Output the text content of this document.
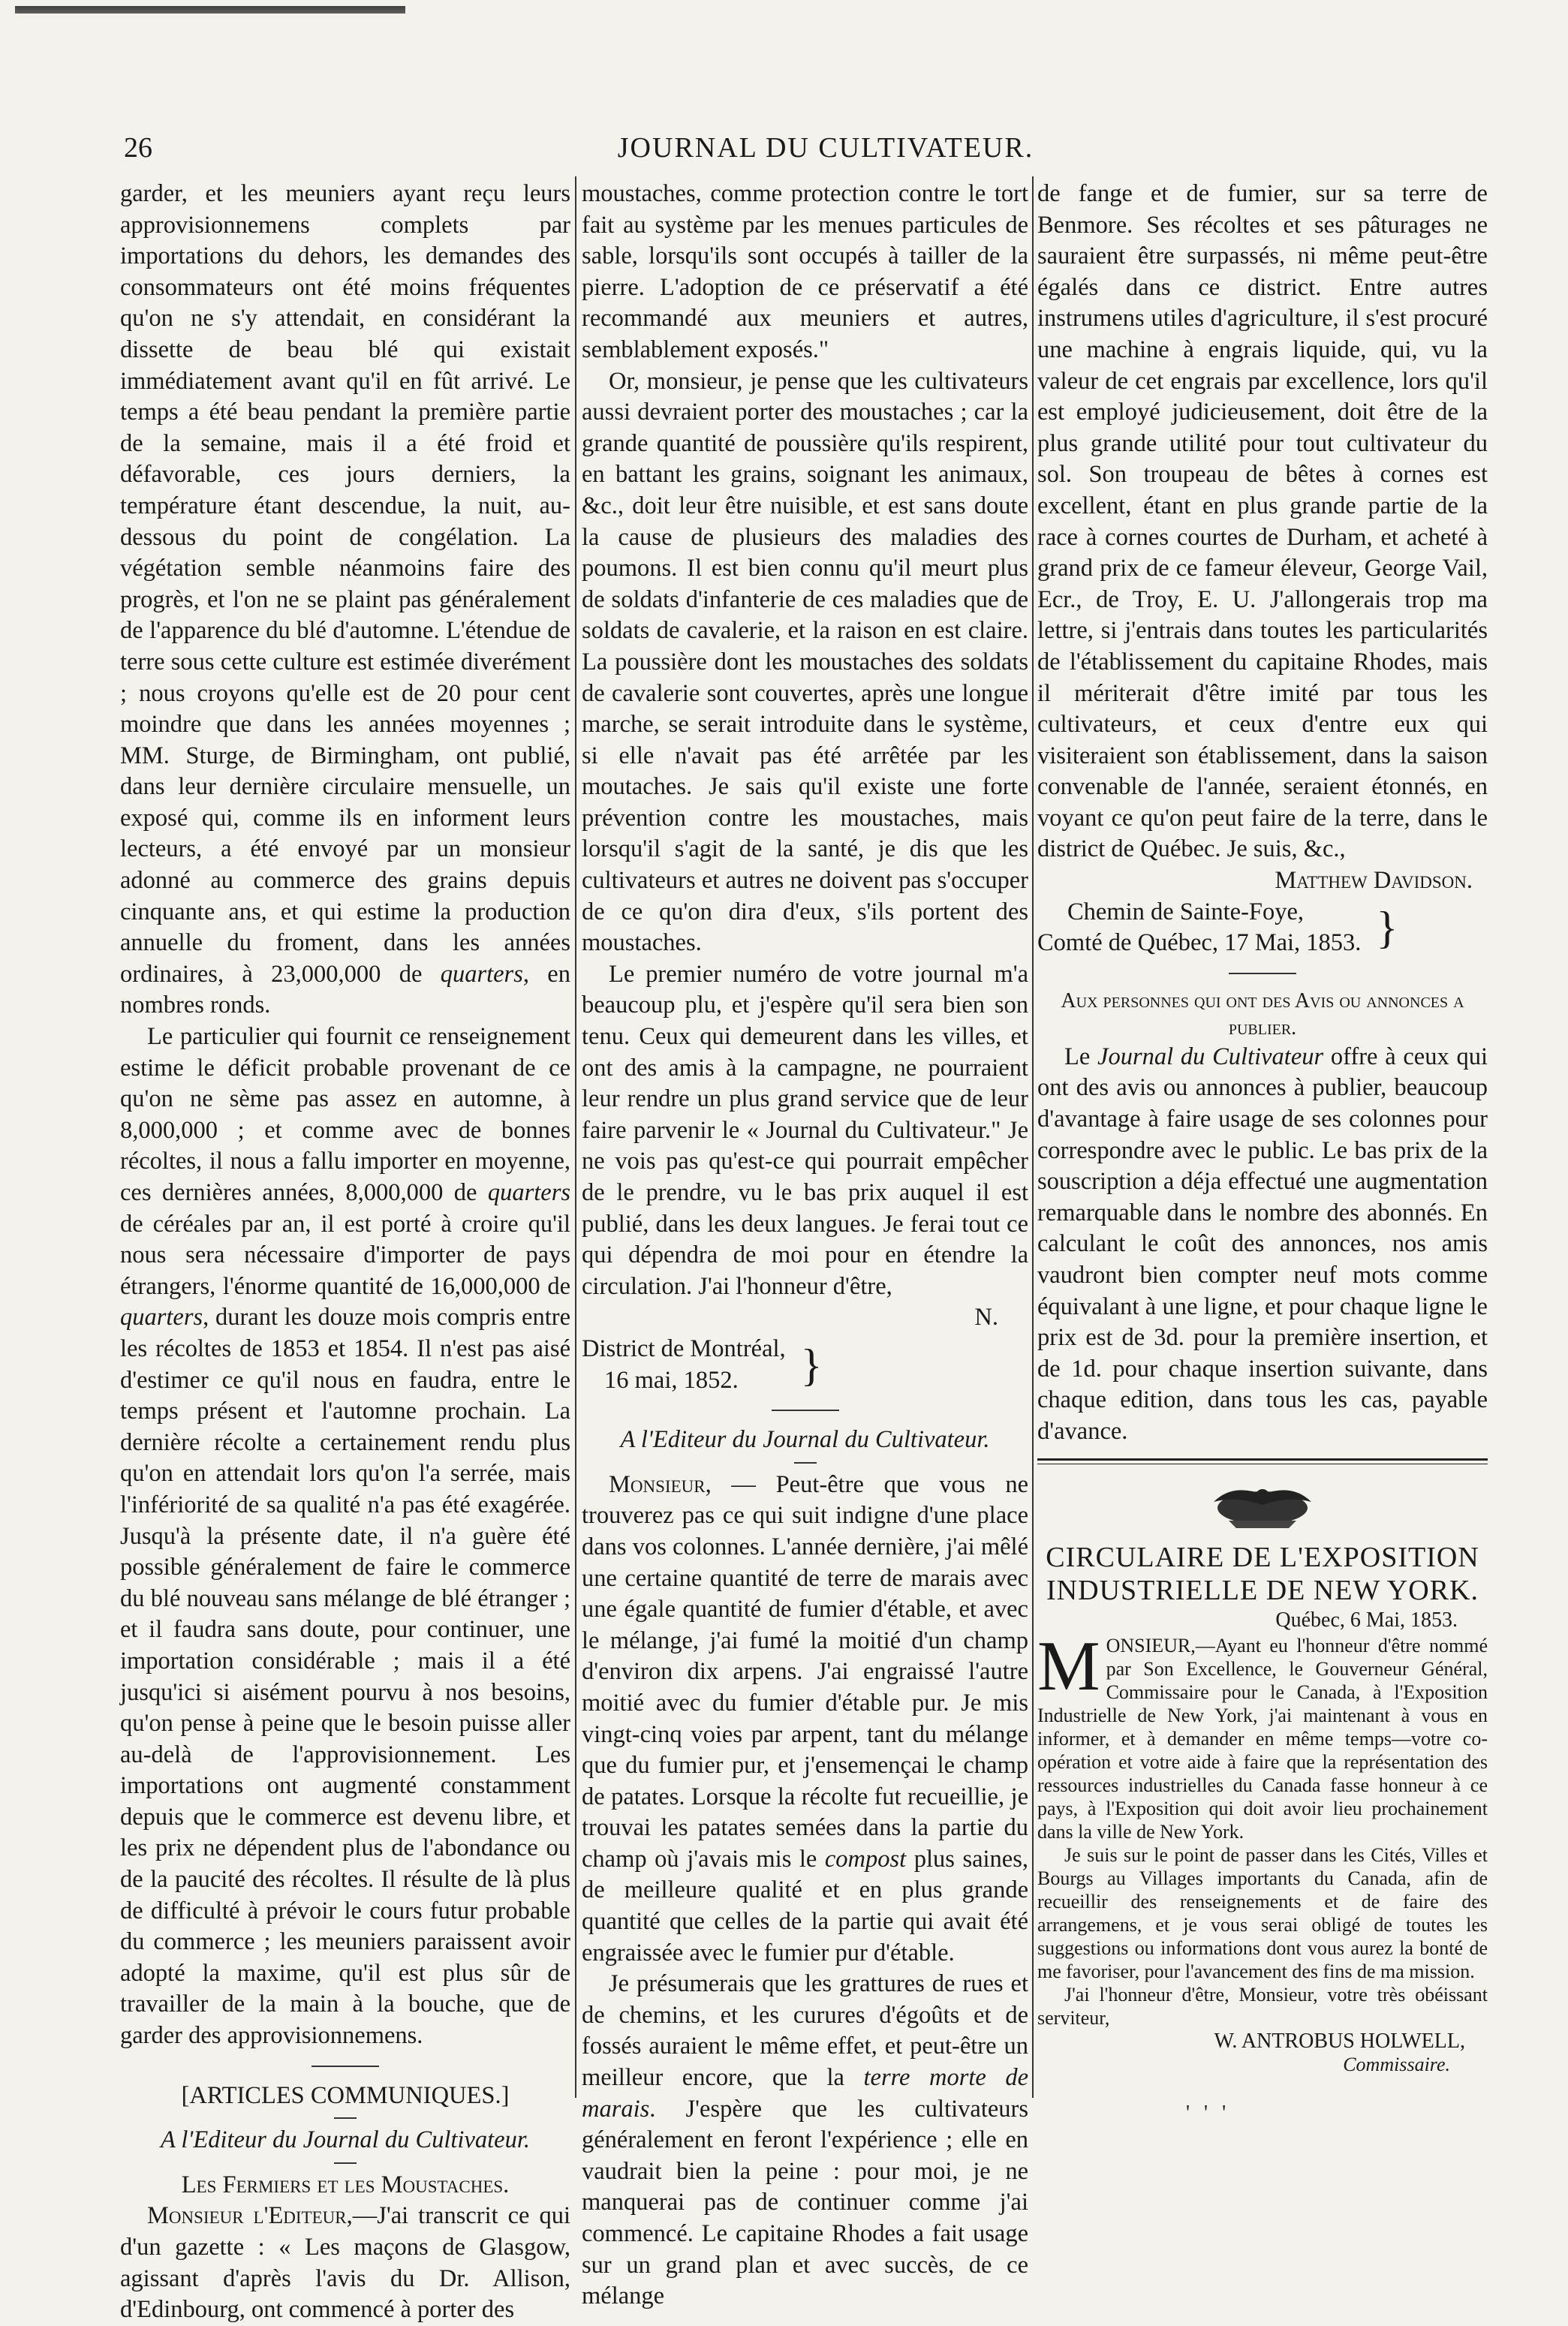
JOURNAL DU CULTIVATEUR.
26

garder, et les meuniers ayant reçu leurs approvisionnemens complets par importations du dehors, les demandes des consommateurs ont été moins fréquentes qu'on ne s'y attendait, en considérant la dissette de beau blé qui existait immédiatement avant qu'il en fût arrivé. Le temps a été beau pendant la première partie de la semaine, mais il a été froid et défavorable, ces jours derniers, la température étant descendue, la nuit, au-dessous du point de congélation. La végétation semble néanmoins faire des progrès, et l'on ne se plaint pas généralement de l'apparence du blé d'automne. L'étendue de terre sous cette culture est estimée diverément ; nous croyons qu'elle est de 20 pour cent moindre que dans les années moyennes ; MM. Sturge, de Birmingham, ont publié, dans leur dernière circulaire mensuelle, un exposé qui, comme ils en informent leurs lecteurs, a été envoyé par un monsieur adonné au commerce des grains depuis cinquante ans, et qui estime la production annuelle du froment, dans les années ordinaires, à 23,000,000 de quarters, en nombres ronds.

Le particulier qui fournit ce renseignement estime le déficit probable provenant de ce qu'on ne sème pas assez en automne, à 8,000,000 ; et comme avec de bonnes récoltes, il nous a fallu importer en moyenne, ces dernières années, 8,000,000 de quarters de céréales par an, il est porté à croire qu'il nous sera nécessaire d'importer de pays étrangers, l'énorme quantité de 16,000,000 de quarters, durant les douze mois compris entre les récoltes de 1853 et 1854. Il n'est pas aisé d'estimer ce qu'il nous en faudra, entre le temps présent et l'automne prochain. La dernière récolte a certainement rendu plus qu'on en attendait lors qu'on l'a serrée, mais l'infériorité de sa qualité n'a pas été exagérée. Jusqu'à la présente date, il n'a guère été possible généralement de faire le commerce du blé nouveau sans mélange de blé étranger ; et il faudra sans doute, pour continuer, une importation considérable ; mais il a été jusqu'ici si aisément pourvu à nos besoins, qu'on pense à peine que le besoin puisse aller au-delà de l'approvisionnement. Les importations ont augmenté constamment depuis que le commerce est devenu libre, et les prix ne dépendent plus de l'abondance ou de la paucité des récoltes. Il résulte de là plus de difficulté à prévoir le cours futur probable du commerce ; les meuniers paraissent avoir adopté la maxime, qu'il est plus sûr de travailler de la main à la bouche, que de garder des approvisionnemens.

[ARTICLES COMMUNIQUES.]

A l'Editeur du Journal du Cultivateur.

Les Fermiers et les Moustaches.

Monsieur l'Editeur,—J'ai transcrit ce qui d'un gazette : « Les maçons de Glasgow, agissant d'après l'avis du Dr. Allison, d'Edinbourg, ont commencé à porter des

moustaches, comme protection contre le tort fait au système par les menues particules de sable, lorsqu'ils sont occupés à tailler de la pierre. L'adoption de ce préservatif a été recommandé aux meuniers et autres, semblablement exposés."

Or, monsieur, je pense que les cultivateurs aussi devraient porter des moustaches ; car la grande quantité de poussière qu'ils respirent, en battant les grains, soignant les animaux, &c., doit leur être nuisible, et est sans doute la cause de plusieurs des maladies des poumons. Il est bien connu qu'il meurt plus de soldats d'infanterie de ces maladies que de soldats de cavalerie, et la raison en est claire. La poussière dont les moustaches des soldats de cavalerie sont couvertes, après une longue marche, se serait introduite dans le système, si elle n'avait pas été arrêtée par les moutaches. Je sais qu'il existe une forte prévention contre les moustaches, mais lorsqu'il s'agit de la santé, je dis que les cultivateurs et autres ne doivent pas s'occuper de ce qu'on dira d'eux, s'ils portent des moustaches.

Le premier numéro de votre journal m'a beaucoup plu, et j'espère qu'il sera bien son tenu. Ceux qui demeurent dans les villes, et ont des amis à la campagne, ne pourraient leur rendre un plus grand service que de leur faire parvenir le « Journal du Cultivateur." Je ne vois pas qu'est-ce qui pourrait empêcher de le prendre, vu le bas prix auquel il est publié, dans les deux langues. Je ferai tout ce qui dépendra de moi pour en étendre la circulation. J'ai l'honneur d'être,

N.

District de Montréal,

16 mai, 1852.	}

A l'Editeur du Journal du Cultivateur.

Monsieur, — Peut-être que vous ne trouverez pas ce qui suit indigne d'une place dans vos colonnes. L'année dernière, j'ai mêlé une certaine quantité de terre de marais avec une égale quantité de fumier d'étable, et avec le mélange, j'ai fumé la moitié d'un champ d'environ dix arpens. J'ai engraissé l'autre moitié avec du fumier d'étable pur. Je mis vingt-cinq voies par arpent, tant du mélange que du fumier pur, et j'ensemençai le champ de patates. Lorsque la récolte fut recueillie, je trouvai les patates semées dans la partie du champ où j'avais mis le compost plus saines, de meilleure qualité et en plus grande quantité que celles de la partie qui avait été engraissée avec le fumier pur d'étable.

Je présumerais que les grattures de rues et de chemins, et les curures d'égoûts et de fossés auraient le même effet, et peut-être un meilleur encore, que la terre morte de marais. J'espère que les cultivateurs généralement en feront l'expérience ; elle en vaudrait bien la peine : pour moi, je ne manquerai pas de continuer comme j'ai commencé. Le capitaine Rhodes a fait usage sur un grand plan et avec succès, de ce mélange

de fange et de fumier, sur sa terre de Benmore. Ses récoltes et ses pâturages ne sauraient être surpassés, ni même peut-être égalés dans ce district. Entre autres instrumens utiles d'agriculture, il s'est procuré une machine à engrais liquide, qui, vu la valeur de cet engrais par excellence, lors qu'il est employé judicieusement, doit être de la plus grande utilité pour tout cultivateur du sol. Son troupeau de bêtes à cornes est excellent, étant en plus grande partie de la race à cornes courtes de Durham, et acheté à grand prix de ce fameur éleveur, George Vail, Ecr., de Troy, E. U. J'allongerais trop ma lettre, si j'entrais dans toutes les particularités de l'établissement du capitaine Rhodes, mais il mériterait d'être imité par tous les cultivateurs, et ceux d'entre eux qui visiteraient son établissement, dans la saison convenable de l'année, seraient étonnés, en voyant ce qu'on peut faire de la terre, dans le district de Québec. Je suis, &c.,

Matthew Davidson.

Chemin de Sainte-Foye,

Comté de Québec, 17 Mai, 1853. }

Aux personnes qui ont des Avis ou annonces a publier.

Le Journal du Cultivateur offre à ceux qui ont des avis ou annonces à publier, beaucoup d'avantage à faire usage de ses colonnes pour correspondre avec le public. Le bas prix de la souscription a déja effectué une augmentation remarquable dans le nombre des abonnés. En calculant le coût des annonces, nos amis vaudront bien compter neuf mots comme équivalant à une ligne, et pour chaque ligne le prix est de 3d. pour la première insertion, et de 1d. pour chaque insertion suivante, dans chaque edition, dans tous les cas, payable d'avance.

CIRCULAIRE DE L'EXPOSITION INDUSTRIELLE DE NEW YORK.

Québec, 6 Mai, 1853.

MONSIEUR,—Ayant eu l'honneur d'être nommé par Son Excellence, le Gouverneur Général, Commissaire pour le Canada, à l'Exposition Industrielle de New York, j'ai maintenant à vous en informer, et à demander en même temps—votre co-opération et votre aide à faire que la représentation des ressources industrielles du Canada fasse honneur à ce pays, à l'Exposition qui doit avoir lieu prochainement dans la ville de New York.

Je suis sur le point de passer dans les Cités, Villes et Bourgs au Villages importants du Canada, afin de recueillir des renseignements et de faire des arrangemens, et je vous serai obligé de toutes les suggestions ou informations dont vous aurez la bonté de me favoriser, pour l'avancement des fins de ma mission.

J'ai l'honneur d'être, Monsieur, votre très obéissant serviteur,

W. ANTROBUS HOLWELL,

Commissaire.

' ' '
